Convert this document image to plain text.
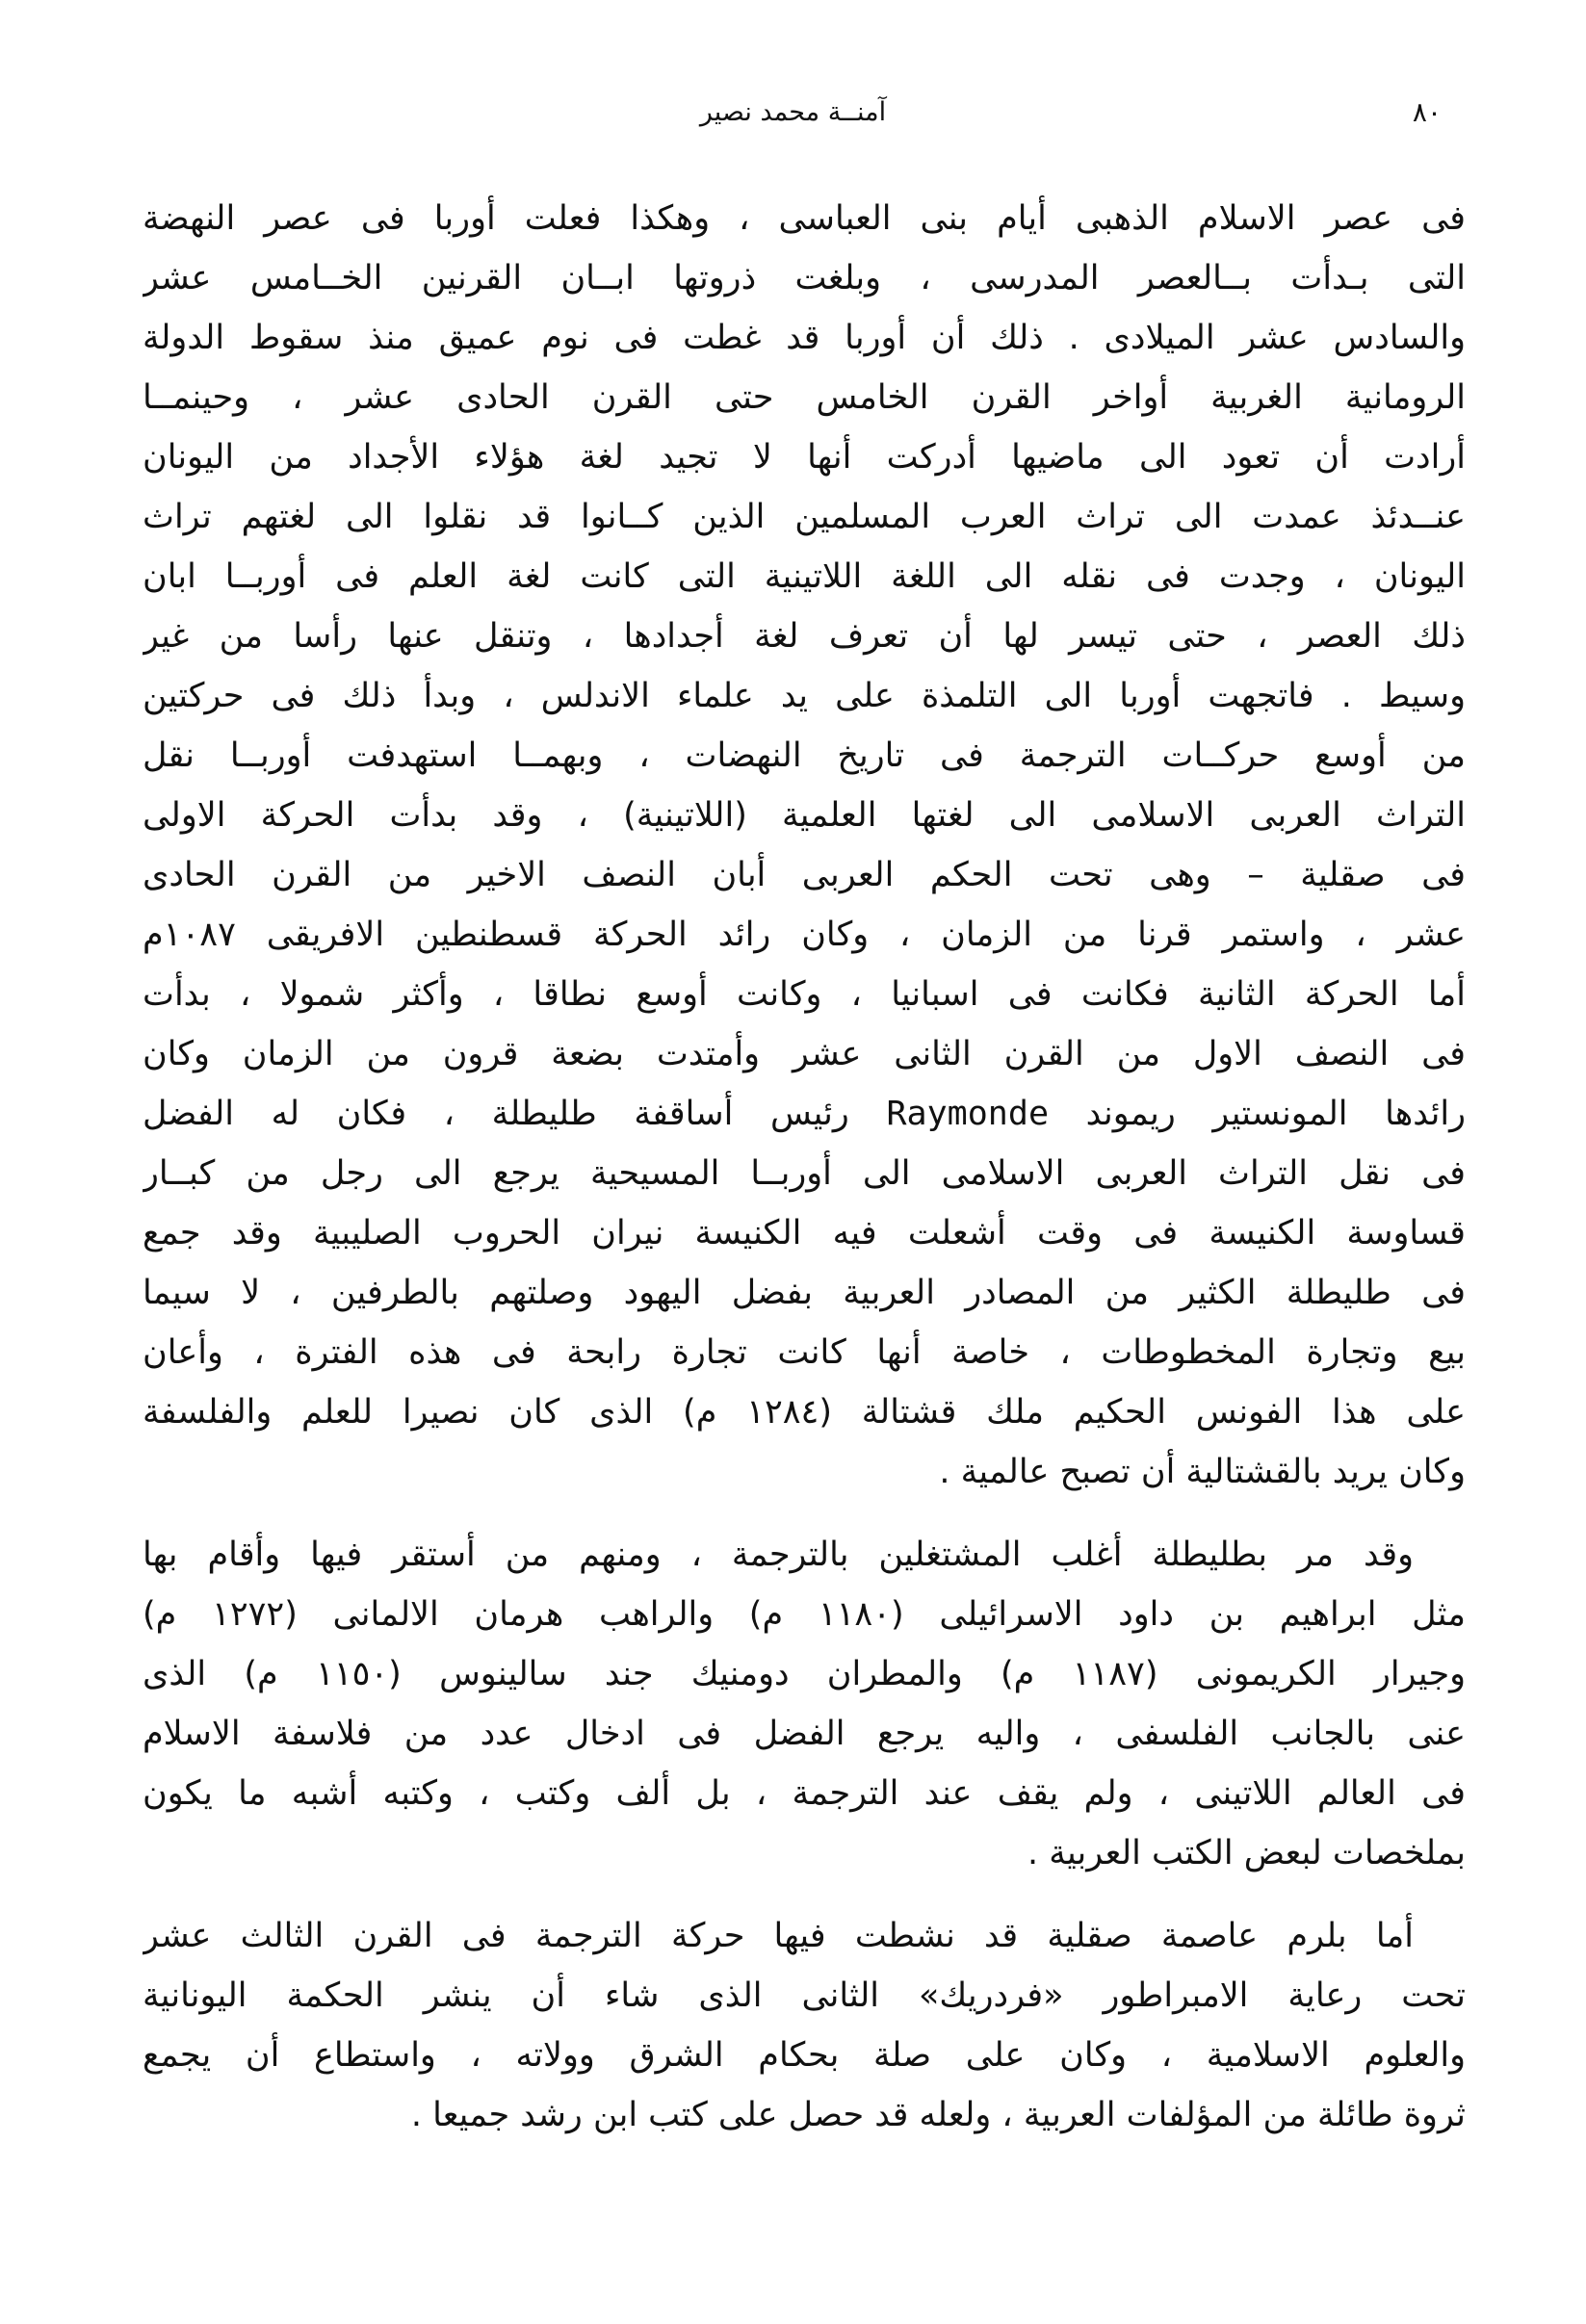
٨٠
آمنــة محمد نصير

فى عصر الاسلام الذهبى أيام بنى العباسى ، وهكذا فعلت أوربا فى عصر النهضة
التى بـدأت بــالعصر المدرسى ، وبلغت ذروتها ابــان القرنين الخــامس عشر
والسادس عشر الميلادى . ذلك أن أوربا قد غطت فى نوم عميق منذ سقوط الدولة
الرومانية الغربية أواخر القرن الخامس حتى القرن الحادى عشر ، وحينمــا
أرادت أن تعود الى ماضيها أدركت أنها لا تجيد لغة هؤلاء الأجداد من اليونان
عنــدئذ عمدت الى تراث العرب المسلمين الذين كــانوا قد نقلوا الى لغتهم تراث
اليونان ، وجدت فى نقله الى اللغة اللاتينية التى كانت لغة العلم فى أوربــا ابان
ذلك العصر ، حتى تيسر لها أن تعرف لغة أجدادها ، وتنقل عنها رأسا من غير
وسيط . فاتجهت أوربا الى التلمذة على يد علماء الاندلس ، وبدأ ذلك فى حركتين
من أوسع حركــات الترجمة فى تاريخ النهضات ، وبهمــا استهدفت أوربــا نقل
التراث العربى الاسلامى الى لغتها العلمية (اللاتينية) ، وقد بدأت الحركة الاولى
فى صقلية – وهى تحت الحكم العربى أبان النصف الاخير من القرن الحادى
عشر ، واستمر قرنا من الزمان ، وكان رائد الحركة قسطنطين الافريقى ١٠٨٧م
أما الحركة الثانية فكانت فى اسبانيا ، وكانت أوسع نطاقا ، وأكثر شمولا ، بدأت
فى النصف الاول من القرن الثانى عشر وأمتدت بضعة قرون من الزمان وكان
رائدها المونستير ريموند Raymonde رئيس أساقفة طليطلة ، فكان له الفضل
فى نقل التراث العربى الاسلامى الى أوربــا المسيحية يرجع الى رجل من كبــار
قساوسة الكنيسة فى وقت أشعلت فيه الكنيسة نيران الحروب الصليبية وقد جمع
فى طليطلة الكثير من المصادر العربية بفضل اليهود وصلتهم بالطرفين ، لا سيما
بيع وتجارة المخطوطات ، خاصة أنها كانت تجارة رابحة فى هذه الفترة ، وأعان
على هذا الفونس الحكيم ملك قشتالة (١٢٨٤ م) الذى كان نصيرا للعلم والفلسفة
وكان يريد بالقشتالية أن تصبح عالمية .

وقد مر بطليطلة أغلب المشتغلين بالترجمة ، ومنهم من أستقر فيها وأقام بها
مثل ابراهيم بن داود الاسرائيلى (١١٨٠ م) والراهب هرمان الالمانى (١٢٧٢ م)
وجيرار الكريمونى (١١٨٧ م) والمطران دومنيك جند سالينوس (١١٥٠ م) الذى
عنى بالجانب الفلسفى ، واليه يرجع الفضل فى ادخال عدد من فلاسفة الاسلام
فى العالم اللاتينى ، ولم يقف عند الترجمة ، بل ألف وكتب ، وكتبه أشبه ما يكون
بملخصات لبعض الكتب العربية .

أما بلرم عاصمة صقلية قد نشطت فيها حركة الترجمة فى القرن الثالث عشر
تحت رعاية الامبراطور «فردريك» الثانى الذى شاء أن ينشر الحكمة اليونانية
والعلوم الاسلامية ، وكان على صلة بحكام الشرق وولاته ، واستطاع أن يجمع
ثروة طائلة من المؤلفات العربية ، ولعله قد حصل على كتب ابن رشد جميعا .
